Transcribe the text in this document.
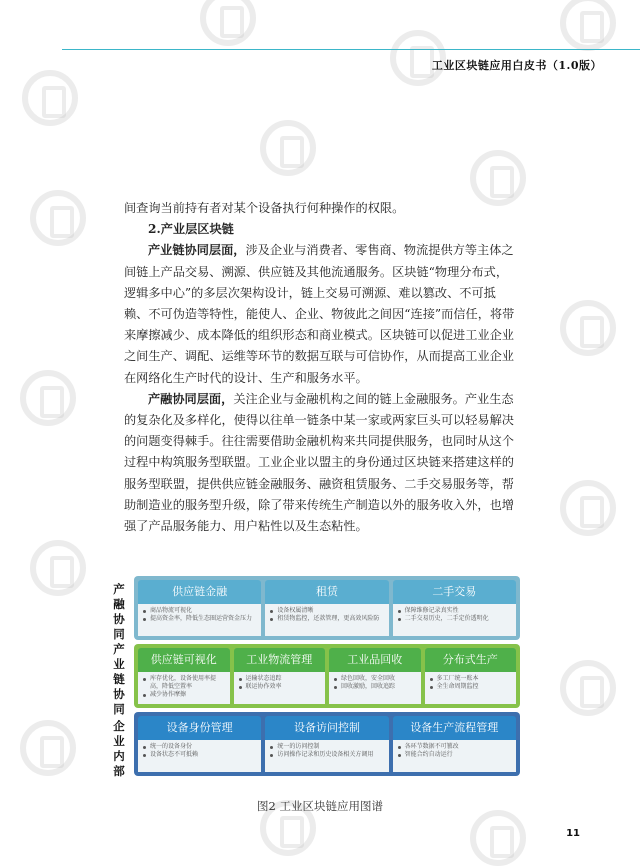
工业区块链应用白皮书（1.0版）

间查询当前持有者对某个设备执行何种操作的权限。

2.产业层区块链

产业链协同层面，涉及企业与消费者、零售商、物流提供方等主体之间链上产品交易、溯源、供应链及其他流通服务。区块链“物理分布式，逻辑多中心”的多层次架构设计，链上交易可溯源、难以篡改、不可抵赖、不可伪造等特性，能使人、企业、物彼此之间因“连接”而信任，将带来摩擦减少、成本降低的组织形态和商业模式。区块链可以促进工业企业之间生产、调配、运维等环节的数据互联与可信协作，从而提高工业企业在网络化生产时代的设计、生产和服务水平。

产融协同层面，关注企业与金融机构之间的链上金融服务。产业生态的复杂化及多样化，使得以往单一链条中某一家或两家巨头可以轻易解决的问题变得棘手。往往需要借助金融机构来共同提供服务，也同时从这个过程中构筑服务型联盟。工业企业以盟主的身份通过区块链来搭建这样的服务型联盟，提供供应链金融服务、融资租赁服务、二手交易服务等，帮助制造业的服务型升级，除了带来传统生产制造以外的服务收入外，也增强了产品服务能力、用户粘性以及生态粘性。

产
融
协
同
产
业
链
协
同
企
业
内
部
供应链金融
商品物流可视化
提高资金率，降低生态圈运营资金压力
租赁
设备权属清晰
租赁物监控，还款管理，更高效风险防
二手交易
保障维修记录真实性
二手交易历史，二手定价透明化
供应链可视化
库存优化，设备使用率提高，降低空置率
减少协作摩擦
工业物流管理
运输状态追踪
联运协作效率
工业品回收
绿色回收，安全回收
回收激励，回收追踪
分布式生产
多工厂统一账本
全生命周期监控
设备身份管理
统一的设备身份
设备状态不可抵赖
设备访问控制
统一的访问控制
访问操作记录和历史设备相关方调用
设备生产流程管理
各环节数据不可篡改
智能合约自动运行
图2 工业区块链应用图谱
11
